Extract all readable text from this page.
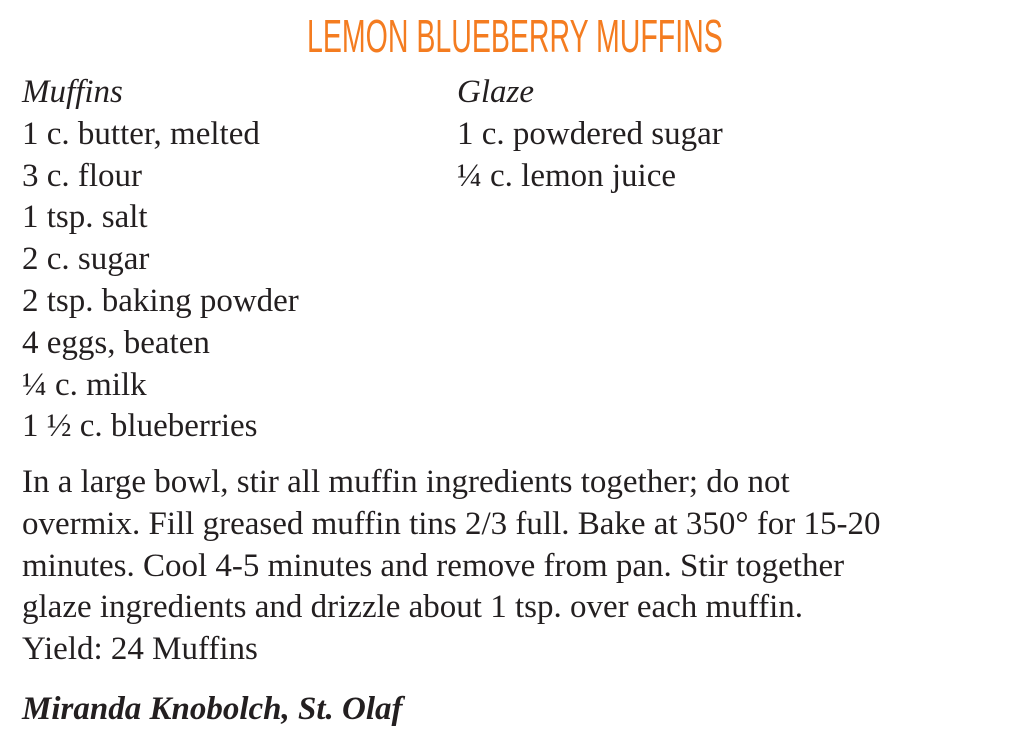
LEMON BLUEBERRY MUFFINS
Muffins
1 c. butter, melted
3 c. flour
1 tsp. salt
2 c. sugar
2 tsp. baking powder
4 eggs, beaten
¼ c. milk
1 ½ c. blueberries
Glaze
1 c. powdered sugar
¼ c. lemon juice
In a large bowl, stir all muffin ingredients together; do not
overmix. Fill greased muffin tins 2/3 full. Bake at 350° for 15-20
minutes. Cool 4-5 minutes and remove from pan. Stir together
glaze ingredients and drizzle about 1 tsp. over each muffin.
Yield: 24 Muffins
Miranda Knobolch, St. Olaf
